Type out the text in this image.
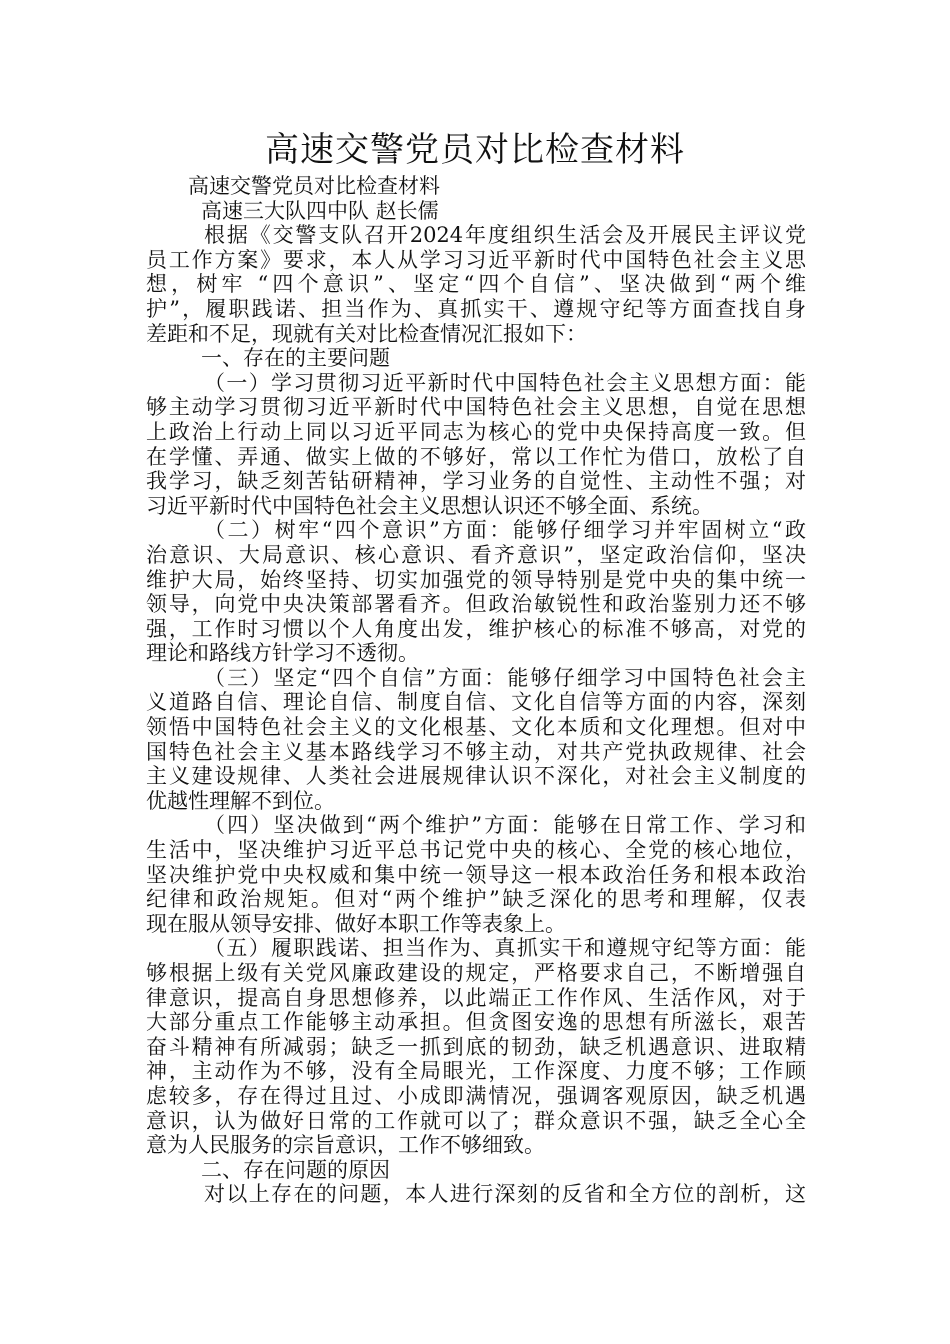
高速交警党员对比检查材料
高速交警党员对比检查材料
高速三大队四中队 赵长儒
根据《交警支队召开2024年度组织生活会及开展民主评议党
员工作方案》要求，本人从学习习近平新时代中国特色社会主义思
想，树牢 “四个意识”、坚定“四个自信”、坚决做到“两个维
护”，履职践诺、担当作为、真抓实干、遵规守纪等方面查找自身
差距和不足，现就有关对比检查情况汇报如下：
一、存在的主要问题
（一）学习贯彻习近平新时代中国特色社会主义思想方面：能
够主动学习贯彻习近平新时代中国特色社会主义思想，自觉在思想
上政治上行动上同以习近平同志为核心的党中央保持高度一致。但
在学懂、弄通、做实上做的不够好，常以工作忙为借口，放松了自
我学习，缺乏刻苦钻研精神，学习业务的自觉性、主动性不强；对
习近平新时代中国特色社会主义思想认识还不够全面、系统。
（二）树牢“四个意识”方面：能够仔细学习并牢固树立“政
治意识、大局意识、核心意识、看齐意识”，坚定政治信仰，坚决
维护大局，始终坚持、切实加强党的领导特别是党中央的集中统一
领导，向党中央决策部署看齐。但政治敏锐性和政治鉴别力还不够
强，工作时习惯以个人角度出发，维护核心的标准不够高，对党的
理论和路线方针学习不透彻。
（三）坚定“四个自信”方面：能够仔细学习中国特色社会主
义道路自信、理论自信、制度自信、文化自信等方面的内容，深刻
领悟中国特色社会主义的文化根基、文化本质和文化理想。但对中
国特色社会主义基本路线学习不够主动，对共产党执政规律、社会
主义建设规律、人类社会进展规律认识不深化，对社会主义制度的
优越性理解不到位。
（四）坚决做到“两个维护”方面：能够在日常工作、学习和
生活中，坚决维护习近平总书记党中央的核心、全党的核心地位，
坚决维护党中央权威和集中统一领导这一根本政治任务和根本政治
纪律和政治规矩。但对“两个维护”缺乏深化的思考和理解，仅表
现在服从领导安排、做好本职工作等表象上。
（五）履职践诺、担当作为、真抓实干和遵规守纪等方面：能
够根据上级有关党风廉政建设的规定，严格要求自己，不断增强自
律意识，提高自身思想修养，以此端正工作作风、生活作风，对于
大部分重点工作能够主动承担。但贪图安逸的思想有所滋长，艰苦
奋斗精神有所减弱；缺乏一抓到底的韧劲，缺乏机遇意识、进取精
神，主动作为不够，没有全局眼光，工作深度、力度不够；工作顾
虑较多，存在得过且过、小成即满情况，强调客观原因，缺乏机遇
意识，认为做好日常的工作就可以了；群众意识不强，缺乏全心全
意为人民服务的宗旨意识，工作不够细致。
二、存在问题的原因
对以上存在的问题，本人进行深刻的反省和全方位的剖析，这
